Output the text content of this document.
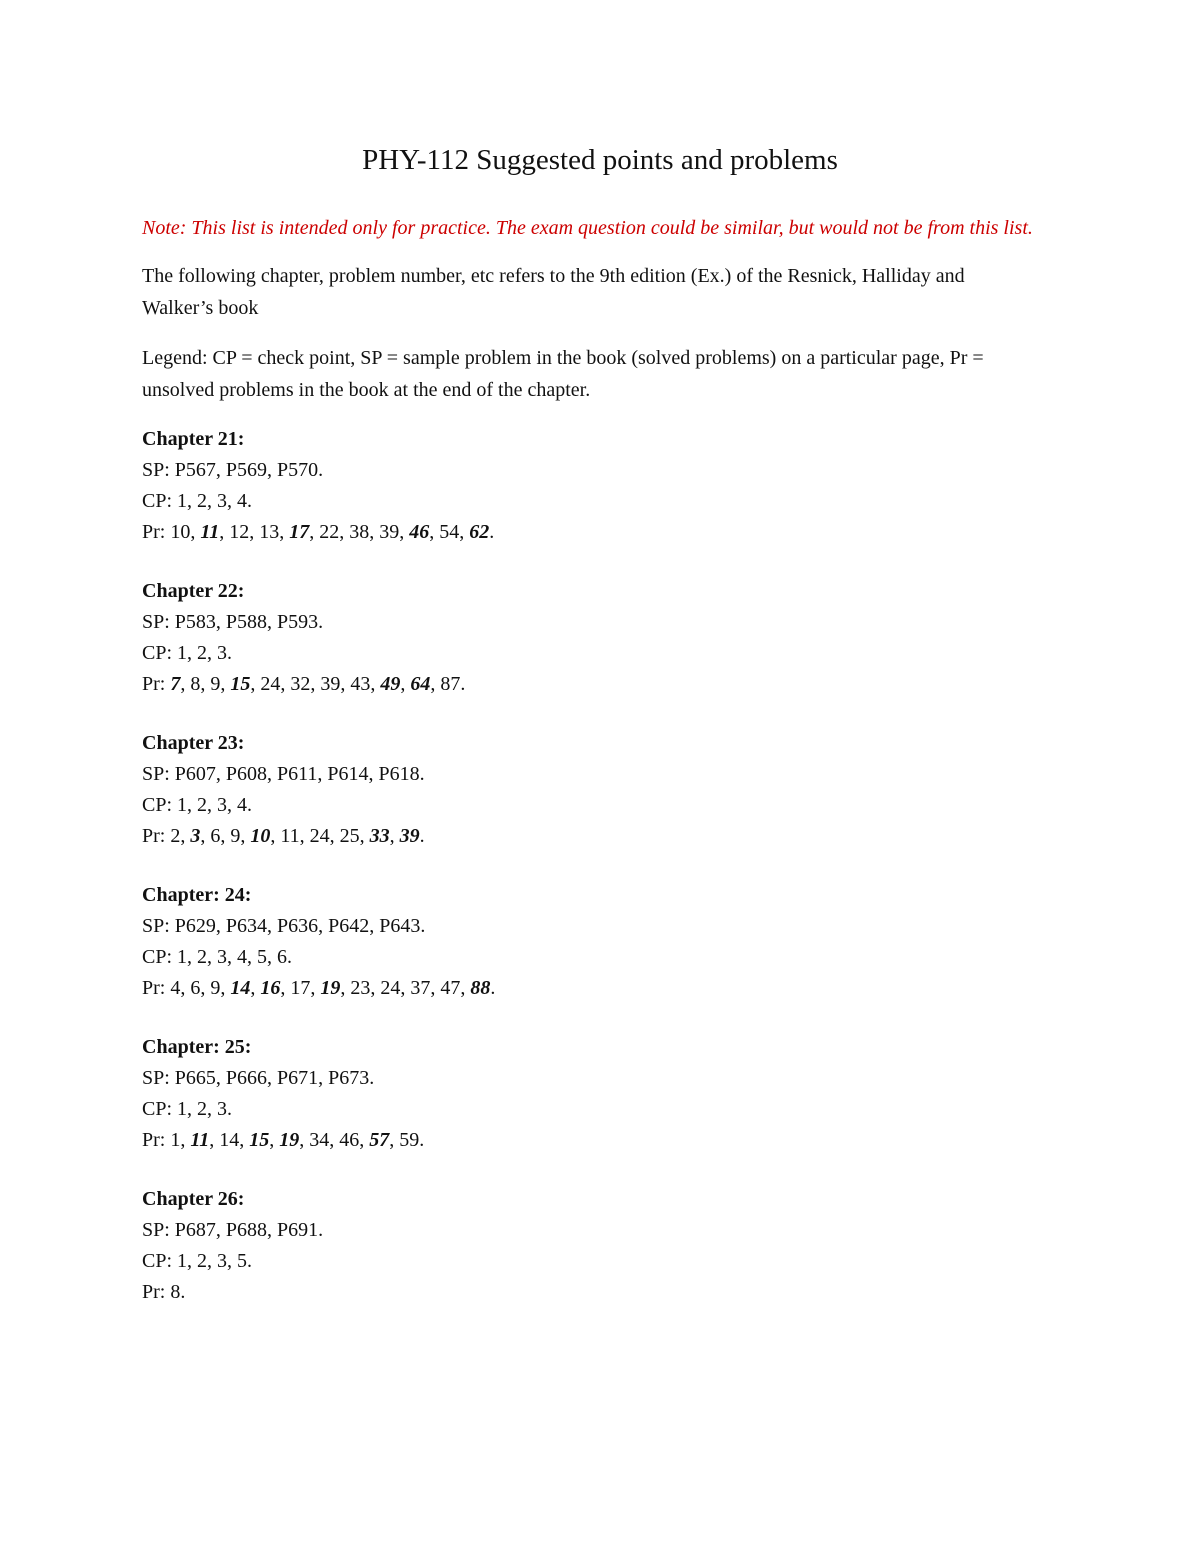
PHY-112 Suggested points and problems
Note: This list is intended only for practice. The exam question could be similar, but would not be from this list.
The following chapter, problem number, etc refers to the 9th edition (Ex.) of the Resnick, Halliday and Walker’s book
Legend: CP = check point, SP = sample problem in the book (solved problems) on a particular page, Pr = unsolved problems in the book at the end of the chapter.
Chapter 21:
SP: P567, P569, P570.
CP: 1, 2, 3, 4.
Pr: 10, 11, 12, 13, 17, 22, 38, 39, 46, 54, 62.
Chapter 22:
SP: P583, P588, P593.
CP: 1, 2, 3.
Pr: 7, 8, 9, 15, 24, 32, 39, 43, 49, 64, 87.
Chapter 23:
SP: P607, P608, P611, P614, P618.
CP: 1, 2, 3, 4.
Pr: 2, 3, 6, 9, 10, 11, 24, 25, 33, 39.
Chapter: 24:
SP: P629, P634, P636, P642, P643.
CP: 1, 2, 3, 4, 5, 6.
Pr: 4, 6, 9, 14, 16, 17, 19, 23, 24, 37, 47, 88.
Chapter: 25:
SP: P665, P666, P671, P673.
CP: 1, 2, 3.
Pr: 1, 11, 14, 15, 19, 34, 46, 57, 59.
Chapter 26:
SP: P687, P688, P691.
CP: 1, 2, 3, 5.
Pr: 8.
